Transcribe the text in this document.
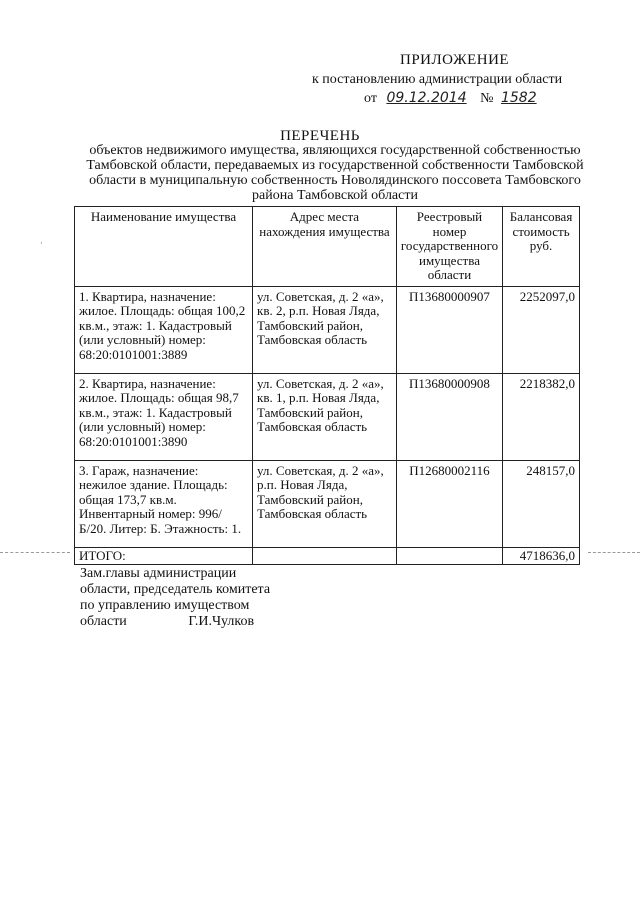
ПРИЛОЖЕНИЕ
к постановлению администрации области
от 09.12.2014 № 1582
ПЕРЕЧЕНЬ
объектов недвижимого имущества, являющихся государственной собственностью Тамбовской области, передаваемых из государственной собственности Тамбовской области в муниципальную собственность Новолядинского поссовета Тамбовского района Тамбовской области
Наименование имущества	Адрес места нахождения имущества	Реестровый номер государственного имущества области	Балансовая стоимость руб.
1. Квартира, назначение: жилое. Площадь: общая 100,2 кв.м., этаж: 1. Кадастровый (или условный) номер: 68:20:0101001:3889	ул. Советская, д. 2 «а», кв. 2, р.п. Новая Ляда, Тамбовский район, Тамбовская область	П13680000907	2252097,0
2. Квартира, назначение: жилое. Площадь: общая 98,7 кв.м., этаж: 1. Кадастровый (или условный) номер: 68:20:0101001:3890	ул. Советская, д. 2 «а», кв. 1, р.п. Новая Ляда, Тамбовский район, Тамбовская область	П13680000908	2218382,0
3. Гараж, назначение: нежилое здание. Площадь: общая 173,7 кв.м. Инвентарный номер: 996/Б/20. Литер: Б. Этажность: 1.	ул. Советская, д. 2 «а», р.п. Новая Ляда, Тамбовский район, Тамбовская область	П12680002116	248157,0
ИТОГО:			4718636,0
Зам.главы администрации
области, председатель комитета
по управлению имуществом
области	Г.И.Чулков
,
